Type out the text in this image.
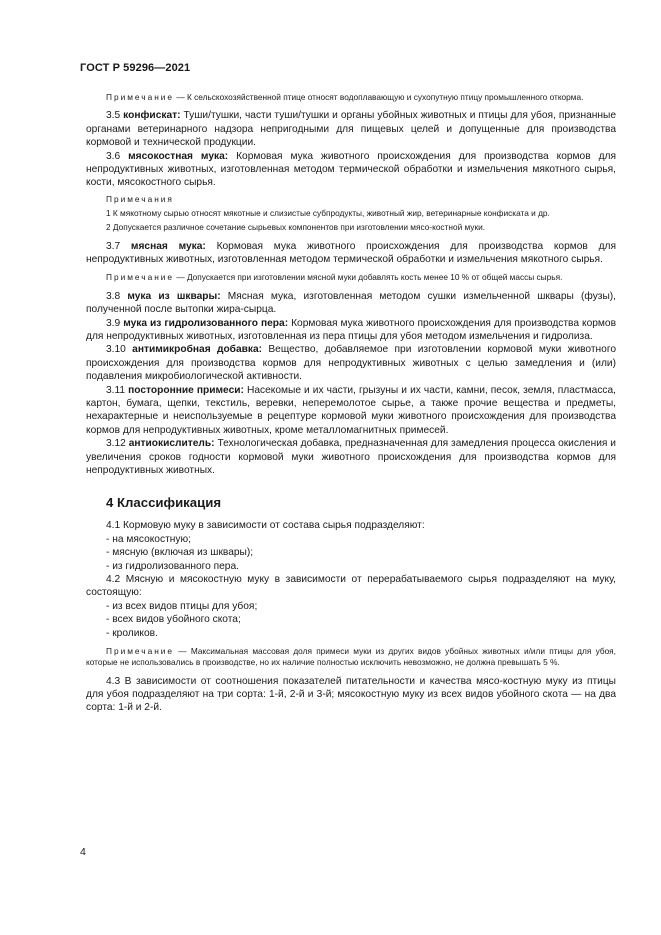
ГОСТ Р 59296—2021

Примечание — К сельскохозяйственной птице относят водоплавающую и сухопутную птицу промышленного откорма.

3.5 конфискат: Туши/тушки, части туши/тушки и органы убойных животных и птицы для убоя, признанные органами ветеринарного надзора непригодными для пищевых целей и допущенные для производства кормовой и технической продукции.

3.6 мясокостная мука: Кормовая мука животного происхождения для производства кормов для непродуктивных животных, изготовленная методом термической обработки и измельчения мякотного сырья, кости, мясокостного сырья.

Примечания

1 К мякотному сырью относят мякотные и слизистые субпродукты, животный жир, ветеринарные конфиската и др.

2 Допускается различное сочетание сырьевых компонентов при изготовлении мясо-костной муки.

3.7 мясная мука: Кормовая мука животного происхождения для производства кормов для непродуктивных животных, изготовленная методом термической обработки и измельчения мякотного сырья.

Примечание — Допускается при изготовлении мясной муки добавлять кость менее 10 % от общей массы сырья.

3.8 мука из шквары: Мясная мука, изготовленная методом сушки измельченной шквары (фузы), полученной после вытопки жира-сырца.

3.9 мука из гидролизованного пера: Кормовая мука животного происхождения для производства кормов для непродуктивных животных, изготовленная из пера птицы для убоя методом измельчения и гидролиза.

3.10 антимикробная добавка: Вещество, добавляемое при изготовлении кормовой муки животного происхождения для производства кормов для непродуктивных животных с целью замедления и (или) подавления микробиологической активности.

3.11 посторонние примеси: Насекомые и их части, грызуны и их части, камни, песок, земля, пластмасса, картон, бумага, щепки, текстиль, веревки, неперемолотое сырье, а также прочие вещества и предметы, нехарактерные и неиспользуемые в рецептуре кормовой муки животного происхождения для производства кормов для непродуктивных животных, кроме металломагнитных примесей.

3.12 антиокислитель: Технологическая добавка, предназначенная для замедления процесса окисления и увеличения сроков годности кормовой муки животного происхождения для производства кормов для непродуктивных животных.

4 Классификация

4.1 Кормовую муку в зависимости от состава сырья подразделяют:

- на мясокостную;

- мясную (включая из шквары);

- из гидролизованного пера.

4.2 Мясную и мясокостную муку в зависимости от перерабатываемого сырья подразделяют на муку, состоящую:

- из всех видов птицы для убоя;

- всех видов убойного скота;

- кроликов.

Примечание — Максимальная массовая доля примеси муки из других видов убойных животных и/или птицы для убоя, которые не использовались в производстве, но их наличие полностью исключить невозможно, не должна превышать 5 %.

4.3 В зависимости от соотношения показателей питательности и качества мясо-костную муку из птицы для убоя подразделяют на три сорта: 1-й, 2-й и 3-й; мясокостную муку из всех видов убойного скота — на два сорта: 1-й и 2-й.

4
